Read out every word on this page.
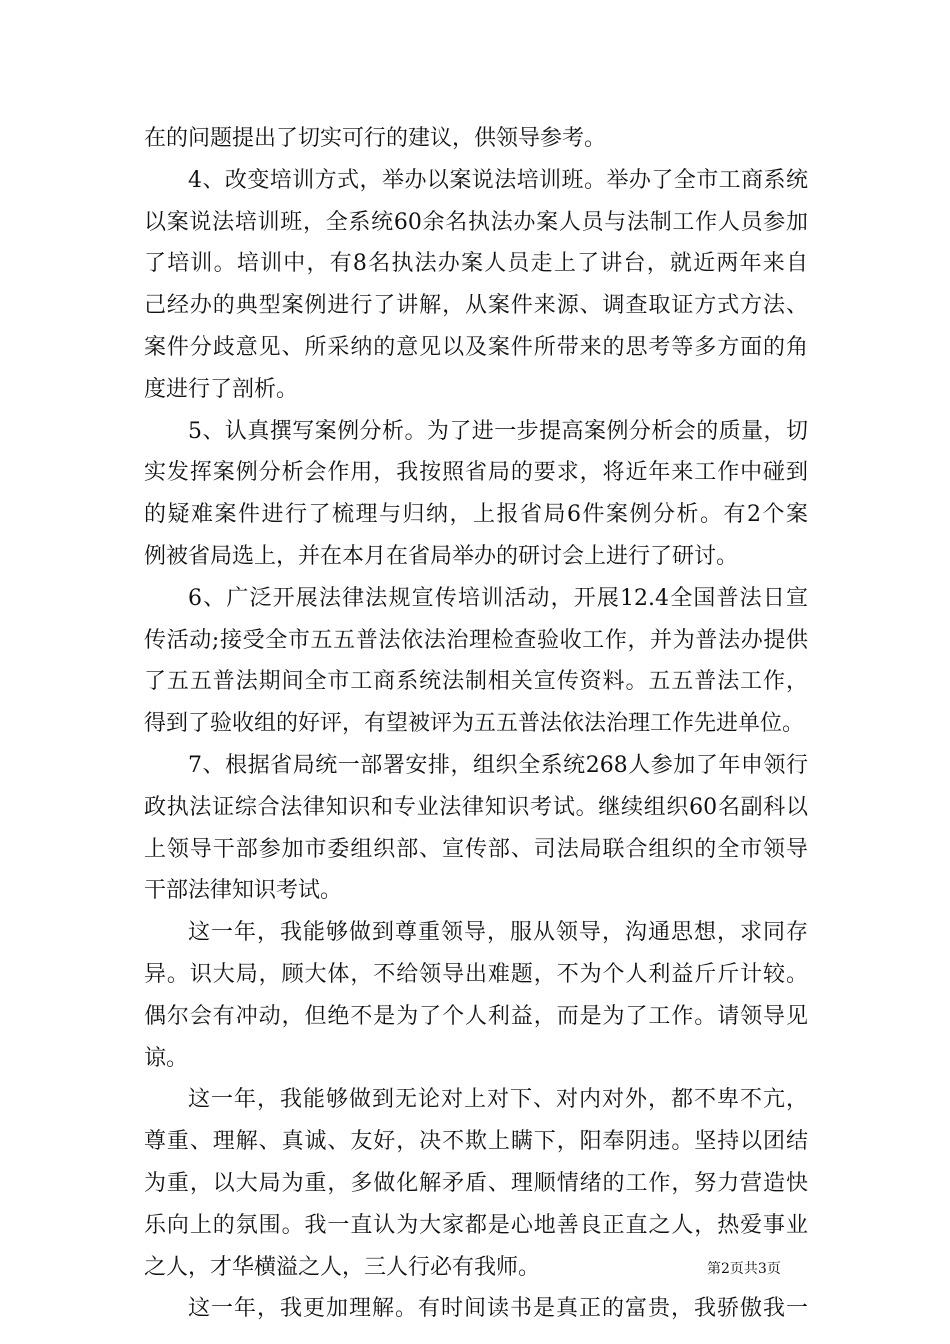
在的问题提出了切实可行的建议，供领导参考。
4、改变培训方式，举办以案说法培训班。举办了全市工商系统
以案说法培训班，全系统60余名执法办案人员与法制工作人员参加
了培训。培训中，有8名执法办案人员走上了讲台，就近两年来自
己经办的典型案例进行了讲解，从案件来源、调查取证方式方法、
案件分歧意见、所采纳的意见以及案件所带来的思考等多方面的角
度进行了剖析。
5、认真撰写案例分析。为了进一步提高案例分析会的质量，切
实发挥案例分析会作用，我按照省局的要求，将近年来工作中碰到
的疑难案件进行了梳理与归纳，上报省局6件案例分析。有2个案
例被省局选上，并在本月在省局举办的研讨会上进行了研讨。
6、广泛开展法律法规宣传培训活动，开展12.4全国普法日宣
传活动;接受全市五五普法依法治理检查验收工作，并为普法办提供
了五五普法期间全市工商系统法制相关宣传资料。五五普法工作，
得到了验收组的好评，有望被评为五五普法依法治理工作先进单位。
7、根据省局统一部署安排，组织全系统268人参加了年申领行
政执法证综合法律知识和专业法律知识考试。继续组织60名副科以
上领导干部参加市委组织部、宣传部、司法局联合组织的全市领导
干部法律知识考试。
这一年，我能够做到尊重领导，服从领导，沟通思想，求同存
异。识大局，顾大体，不给领导出难题，不为个人利益斤斤计较。
偶尔会有冲动，但绝不是为了个人利益，而是为了工作。请领导见
谅。
这一年，我能够做到无论对上对下、对内对外，都不卑不亢，
尊重、理解、真诚、友好，决不欺上瞒下，阳奉阴违。坚持以团结
为重，以大局为重，多做化解矛盾、理顺情绪的工作，努力营造快
乐向上的氛围。我一直认为大家都是心地善良正直之人，热爱事业
之人，才华横溢之人，三人行必有我师。
这一年，我更加理解。有时间读书是真正的富贵，我骄傲我一
第2页共3页
